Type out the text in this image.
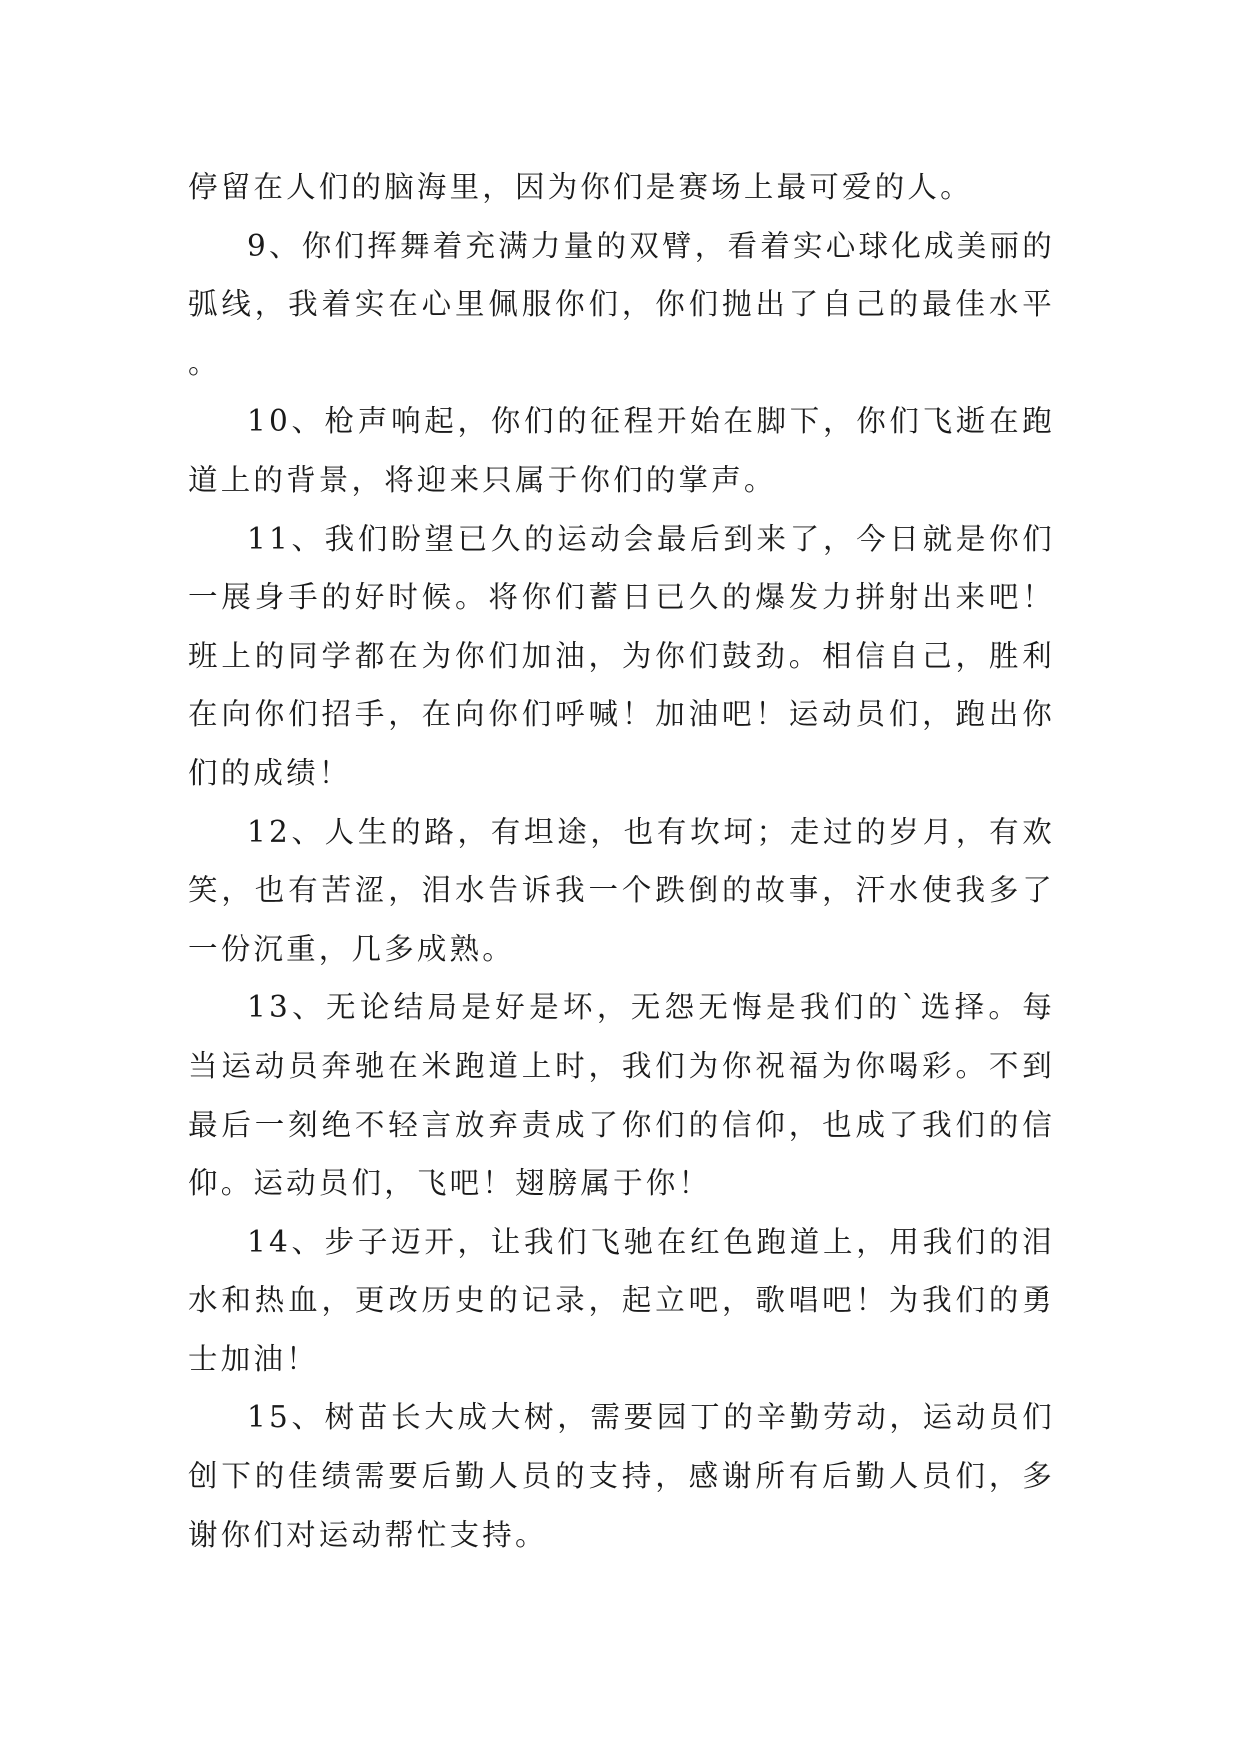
停留在人们的脑海里，因为你们是赛场上最可爱的人。

9、你们挥舞着充满力量的双臂，看着实心球化成美丽的弧线，我着实在心里佩服你们，你们抛出了自己的最佳水平。

10、枪声响起，你们的征程开始在脚下，你们飞逝在跑道上的背景，将迎来只属于你们的掌声。

11、我们盼望已久的运动会最后到来了，今日就是你们一展身手的好时候。将你们蓄日已久的爆发力拼射出来吧！班上的同学都在为你们加油，为你们鼓劲。相信自己，胜利在向你们招手，在向你们呼喊！加油吧！运动员们，跑出你们的成绩！

12、人生的路，有坦途，也有坎坷；走过的岁月，有欢笑，也有苦涩，泪水告诉我一个跌倒的故事，汗水使我多了一份沉重，几多成熟。

13、无论结局是好是坏，无怨无悔是我们的`选择。每当运动员奔驰在米跑道上时，我们为你祝福为你喝彩。不到最后一刻绝不轻言放弃责成了你们的信仰，也成了我们的信仰。运动员们，飞吧！翅膀属于你！

14、步子迈开，让我们飞驰在红色跑道上，用我们的泪水和热血，更改历史的记录，起立吧，歌唱吧！为我们的勇士加油！

15、树苗长大成大树，需要园丁的辛勤劳动，运动员们创下的佳绩需要后勤人员的支持，感谢所有后勤人员们，多谢你们对运动帮忙支持。
